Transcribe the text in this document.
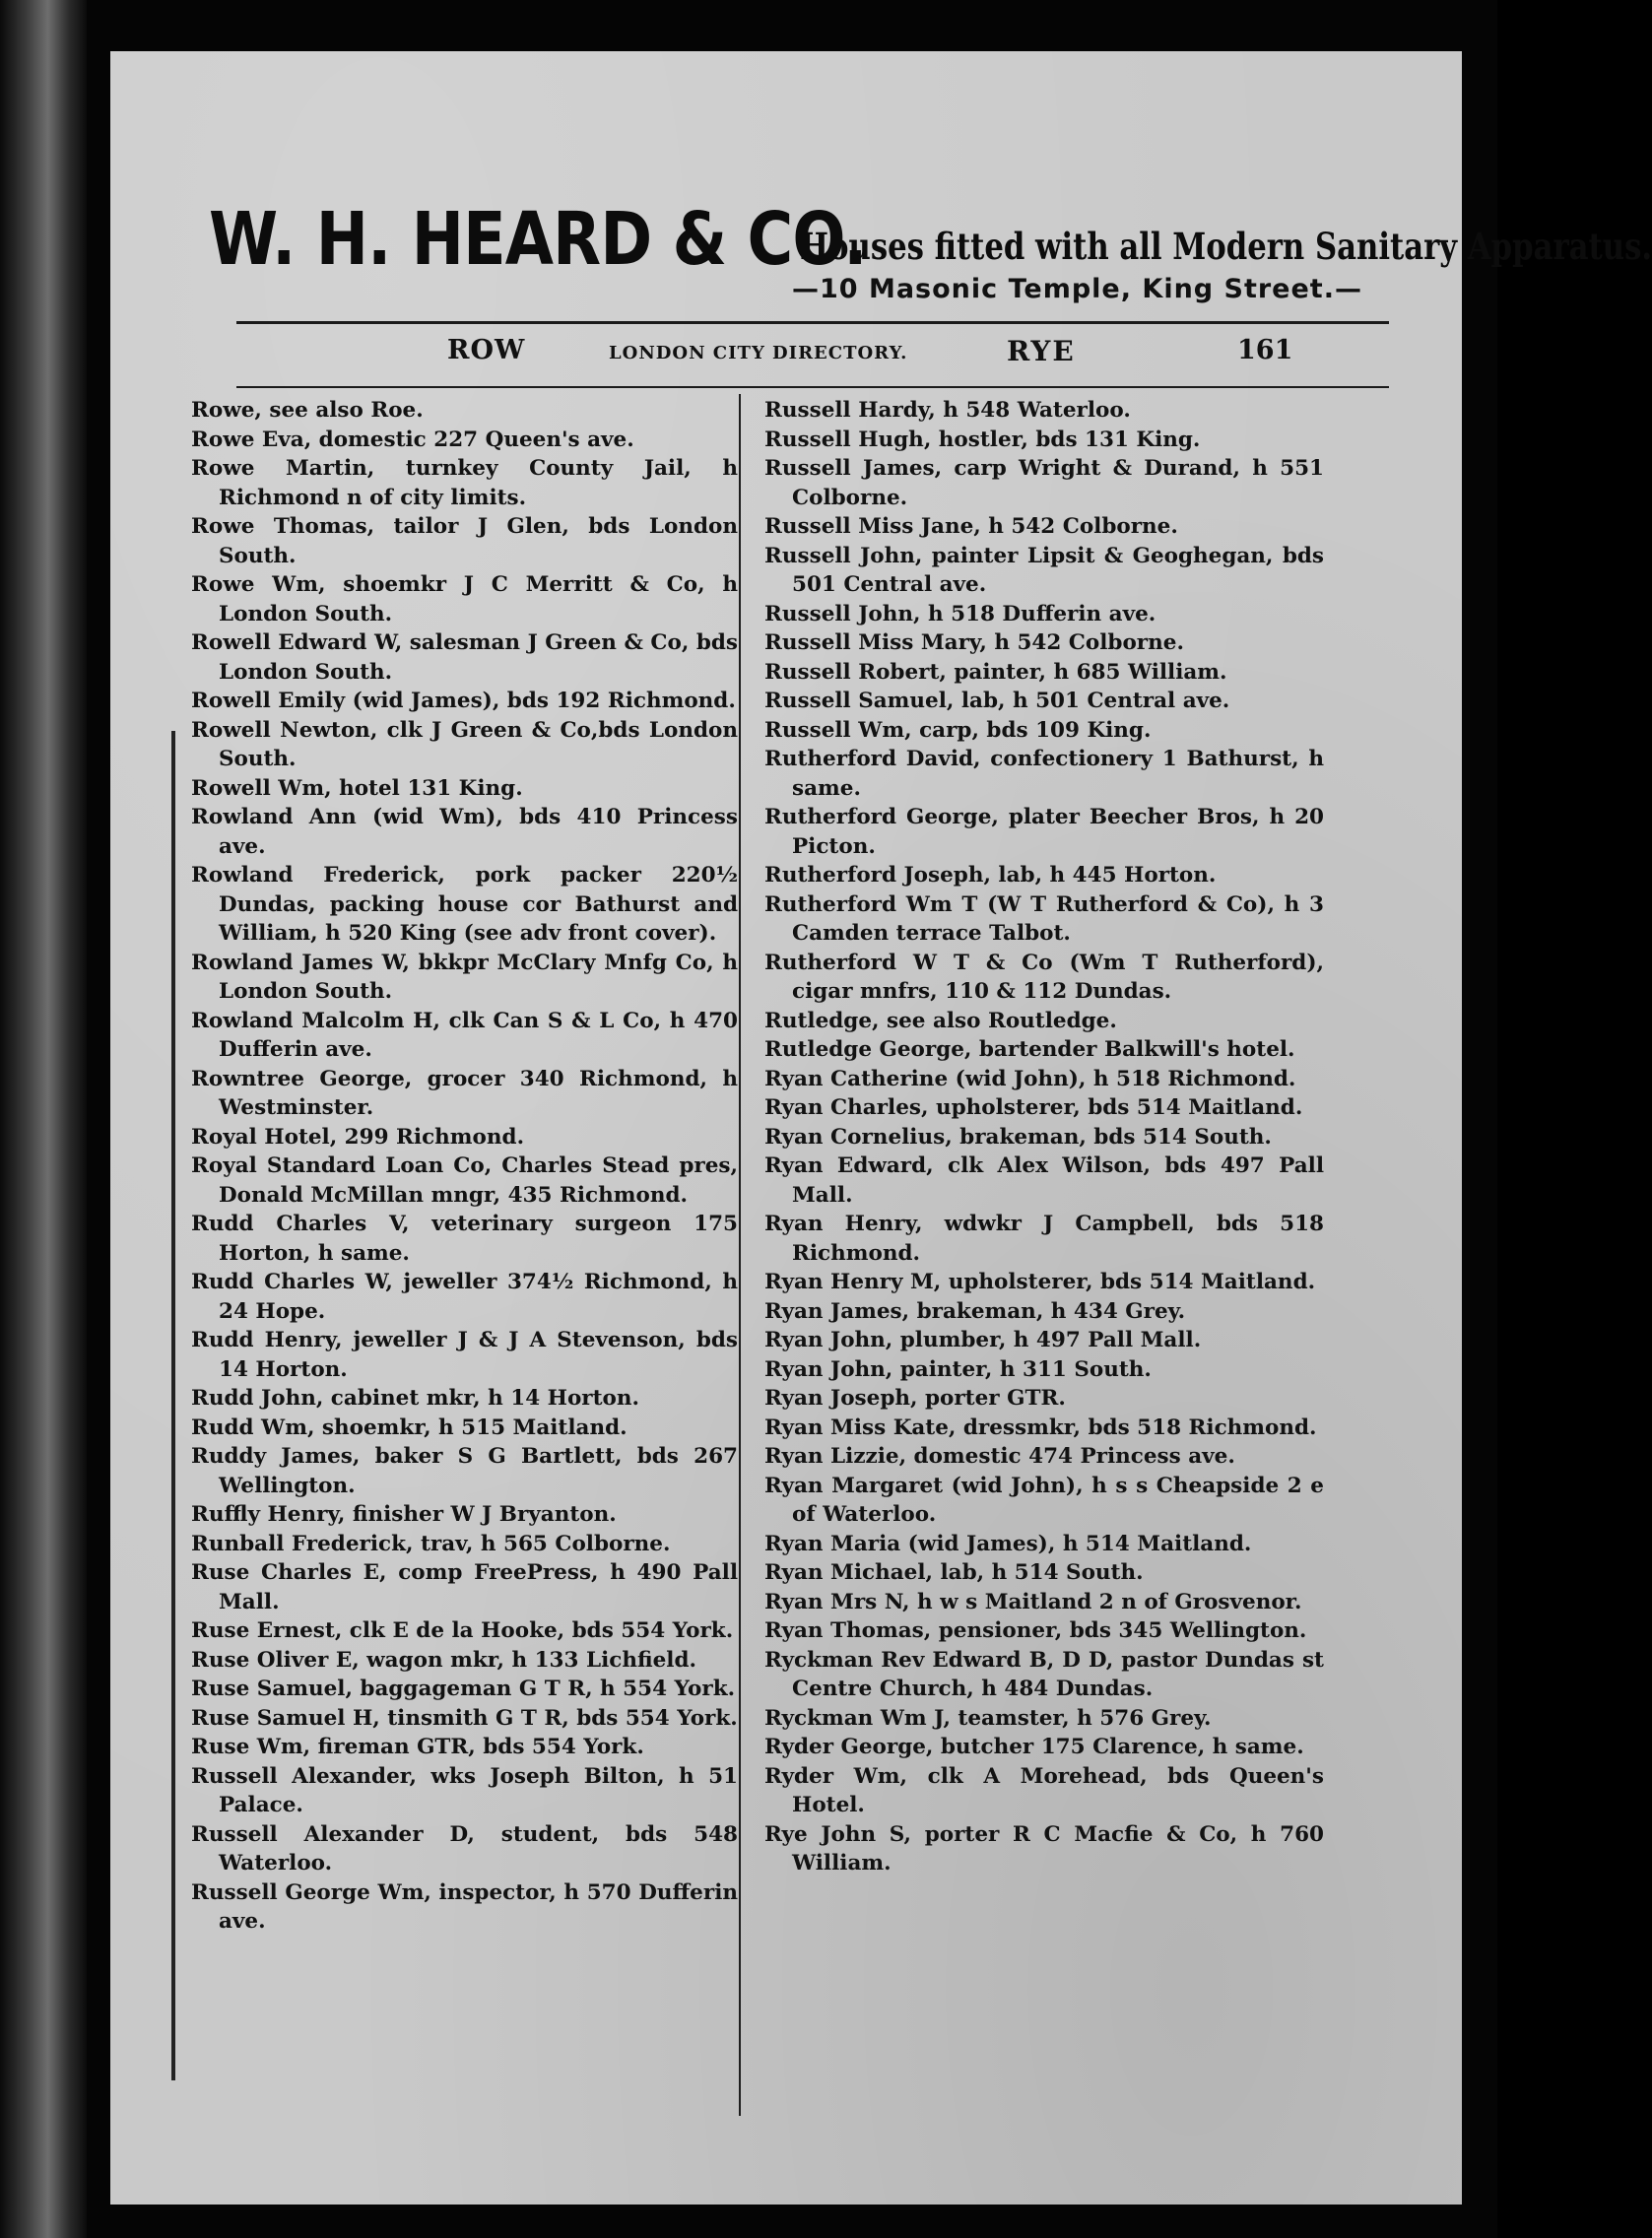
W. H. HEARD & CO.
Houses fitted with all Modern Sanitary Apparatus.
—10 Masonic Temple, King Street.—
ROW	LONDON CITY DIRECTORY.	RYE	161

Rowe, see also Roe.

Rowe Eva, domestic 227 Queen's ave.

Rowe Martin, turnkey County Jail, h Richmond n of city limits.

Rowe Thomas, tailor J Glen, bds London South.

Rowe Wm, shoemkr J C Merritt & Co, h London South.

Rowell Edward W, salesman J Green & Co, bds London South.

Rowell Emily (wid James), bds 192 Richmond.

Rowell Newton, clk J Green & Co,bds London South.

Rowell Wm, hotel 131 King.

Rowland Ann (wid Wm), bds 410 Princess ave.

Rowland Frederick, pork packer 220½ Dundas, packing house cor Bathurst and William, h 520 King (see adv front cover).

Rowland James W, bkkpr McClary Mnfg Co, h London South.

Rowland Malcolm H, clk Can S & L Co, h 470 Dufferin ave.

Rowntree George, grocer 340 Richmond, h Westminster.

Royal Hotel, 299 Richmond.

Royal Standard Loan Co, Charles Stead pres, Donald McMillan mngr, 435 Richmond.

Rudd Charles V, veterinary surgeon 175 Horton, h same.

Rudd Charles W, jeweller 374½ Richmond, h 24 Hope.

Rudd Henry, jeweller J & J A Stevenson, bds 14 Horton.

Rudd John, cabinet mkr, h 14 Horton.

Rudd Wm, shoemkr, h 515 Maitland.

Ruddy James, baker S G Bartlett, bds 267 Wellington.

Ruffly Henry, finisher W J Bryanton.

Runball Frederick, trav, h 565 Colborne.

Ruse Charles E, comp FreePress, h 490 Pall Mall.

Ruse Ernest, clk E de la Hooke, bds 554 York.

Ruse Oliver E, wagon mkr, h 133 Lichfield.

Ruse Samuel, baggageman G T R, h 554 York.

Ruse Samuel H, tinsmith G T R, bds 554 York.

Ruse Wm, fireman GTR, bds 554 York.

Russell Alexander, wks Joseph Bilton, h 51 Palace.

Russell Alexander D, student, bds 548 Waterloo.

Russell George Wm, inspector, h 570 Dufferin ave.

Russell Hardy, h 548 Waterloo.

Russell Hugh, hostler, bds 131 King.

Russell James, carp Wright & Durand, h 551 Colborne.

Russell Miss Jane, h 542 Colborne.

Russell John, painter Lipsit & Geoghegan, bds 501 Central ave.

Russell John, h 518 Dufferin ave.

Russell Miss Mary, h 542 Colborne.

Russell Robert, painter, h 685 William.

Russell Samuel, lab, h 501 Central ave.

Russell Wm, carp, bds 109 King.

Rutherford David, confectionery 1 Bathurst, h same.

Rutherford George, plater Beecher Bros, h 20 Picton.

Rutherford Joseph, lab, h 445 Horton.

Rutherford Wm T (W T Rutherford & Co), h 3 Camden terrace Talbot.

Rutherford W T & Co (Wm T Rutherford), cigar mnfrs, 110 & 112 Dundas.

Rutledge, see also Routledge.

Rutledge George, bartender Balkwill's hotel.

Ryan Catherine (wid John), h 518 Richmond.

Ryan Charles, upholsterer, bds 514 Maitland.

Ryan Cornelius, brakeman, bds 514 South.

Ryan Edward, clk Alex Wilson, bds 497 Pall Mall.

Ryan Henry, wdwkr J Campbell, bds 518 Richmond.

Ryan Henry M, upholsterer, bds 514 Maitland.

Ryan James, brakeman, h 434 Grey.

Ryan John, plumber, h 497 Pall Mall.

Ryan John, painter, h 311 South.

Ryan Joseph, porter GTR.

Ryan Miss Kate, dressmkr, bds 518 Richmond.

Ryan Lizzie, domestic 474 Princess ave.

Ryan Margaret (wid John), h s s Cheapside 2 e of Waterloo.

Ryan Maria (wid James), h 514 Maitland.

Ryan Michael, lab, h 514 South.

Ryan Mrs N, h w s Maitland 2 n of Grosvenor.

Ryan Thomas, pensioner, bds 345 Wellington.

Ryckman Rev Edward B, D D, pastor Dundas st Centre Church, h 484 Dundas.

Ryckman Wm J, teamster, h 576 Grey.

Ryder George, butcher 175 Clarence, h same.

Ryder Wm, clk A Morehead, bds Queen's Hotel.

Rye John S, porter R C Macfie & Co, h 760 William.
